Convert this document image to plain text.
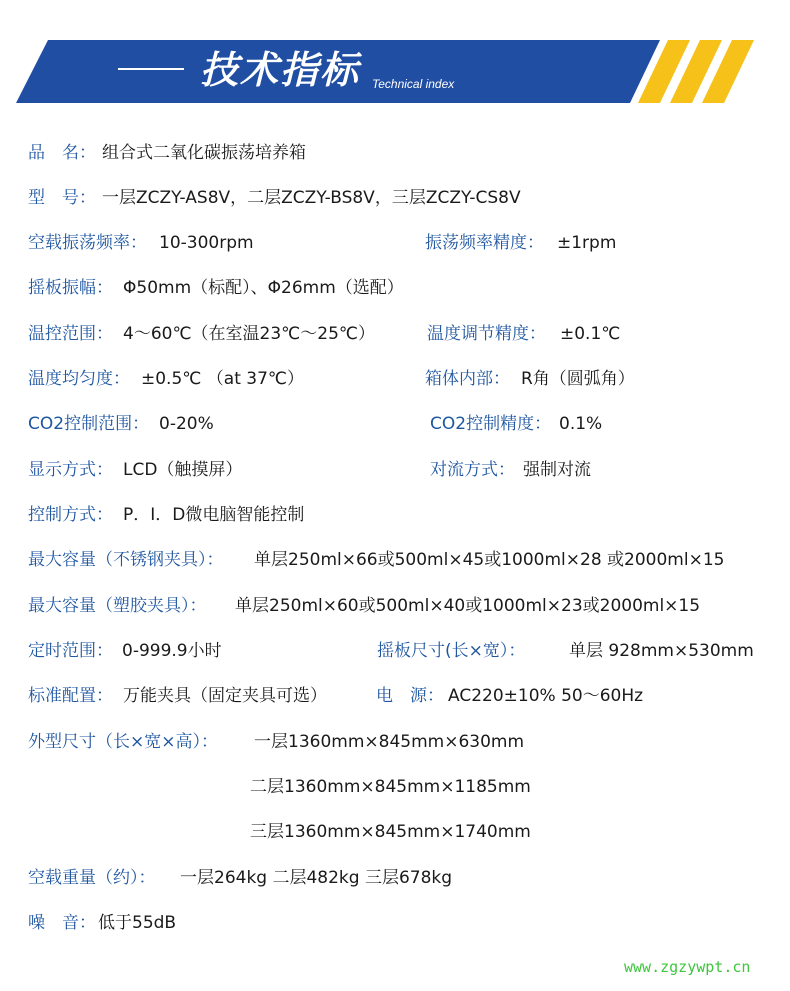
技术指标 Technical index
品　名： 组合式二氧化碳振荡培养箱
型　号： 一层ZCZY-AS8V，二层ZCZY-BS8V，三层ZCZY-CS8V
空载振荡频率： 10-300rpm	振荡频率精度： ±1rpm
摇板振幅： Φ50mm（标配）、Φ26mm（选配）
温控范围： 4～60℃（在室温23℃～25℃）	温度调节精度： ±0.1℃
温度均匀度： ±0.5℃ （at 37℃）	箱体内部： R角（圆弧角）
CO2控制范围： 0-20%	CO2控制精度： 0.1%
显示方式： LCD（触摸屏）	对流方式： 强制对流
控制方式： P．I．D微电脑智能控制
最大容量（不锈钢夹具）： 单层250ml×66或500ml×45或1000ml×28 或2000ml×15
最大容量（塑胶夹具）： 单层250ml×60或500ml×40或1000ml×23或2000ml×15
定时范围： 0-999.9小时	摇板尺寸(长×宽）：	单层 928mm×530mm
标准配置： 万能夹具（固定夹具可选）	电　源： AC220±10% 50～60Hz
外型尺寸（长×宽×高）： 一层1360mm×845mm×630mm
二层1360mm×845mm×1185mm
三层1360mm×845mm×1740mm
空载重量（约）： 一层264kg 二层482kg 三层678kg
噪　音： 低于55dB
www.zgzywpt.cn
